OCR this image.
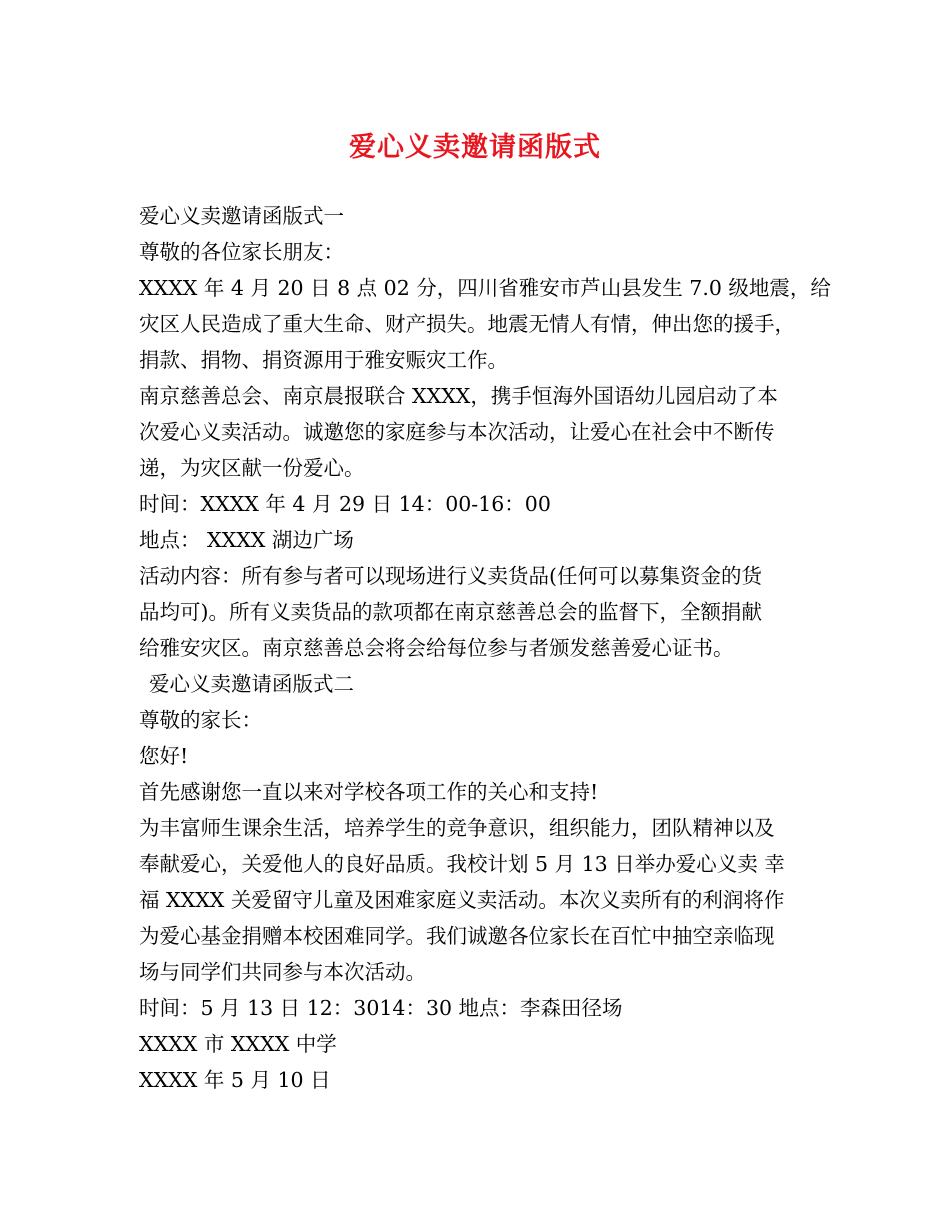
爱心义卖邀请函版式
爱心义卖邀请函版式一
尊敬的各位家长朋友：
XXXX 年 4 月 20 日 8 点 02 分，四川省雅安市芦山县发生 7.0 级地震，给
灾区人民造成了重大生命、财产损失。地震无情人有情，伸出您的援手，
捐款、捐物、捐资源用于雅安赈灾工作。
南京慈善总会、南京晨报联合 XXXX，携手恒海外国语幼儿园启动了本
次爱心义卖活动。诚邀您的家庭参与本次活动，让爱心在社会中不断传
递，为灾区献一份爱心。
时间：XXXX 年 4 月 29 日 14：00-16：00
地点： XXXX 湖边广场
活动内容：所有参与者可以现场进行义卖货品(任何可以募集资金的货
品均可)。所有义卖货品的款项都在南京慈善总会的监督下，全额捐献
给雅安灾区。南京慈善总会将会给每位参与者颁发慈善爱心证书。
爱心义卖邀请函版式二
尊敬的家长：
您好!
首先感谢您一直以来对学校各项工作的关心和支持!
为丰富师生课余生活，培养学生的竞争意识，组织能力，团队精神以及
奉献爱心，关爱他人的良好品质。我校计划 5 月 13 日举办爱心义卖 幸
福 XXXX 关爱留守儿童及困难家庭义卖活动。本次义卖所有的利润将作
为爱心基金捐赠本校困难同学。我们诚邀各位家长在百忙中抽空亲临现
场与同学们共同参与本次活动。
时间：5 月 13 日 12：3014：30 地点：李森田径场
XXXX 市 XXXX 中学
XXXX 年 5 月 10 日
